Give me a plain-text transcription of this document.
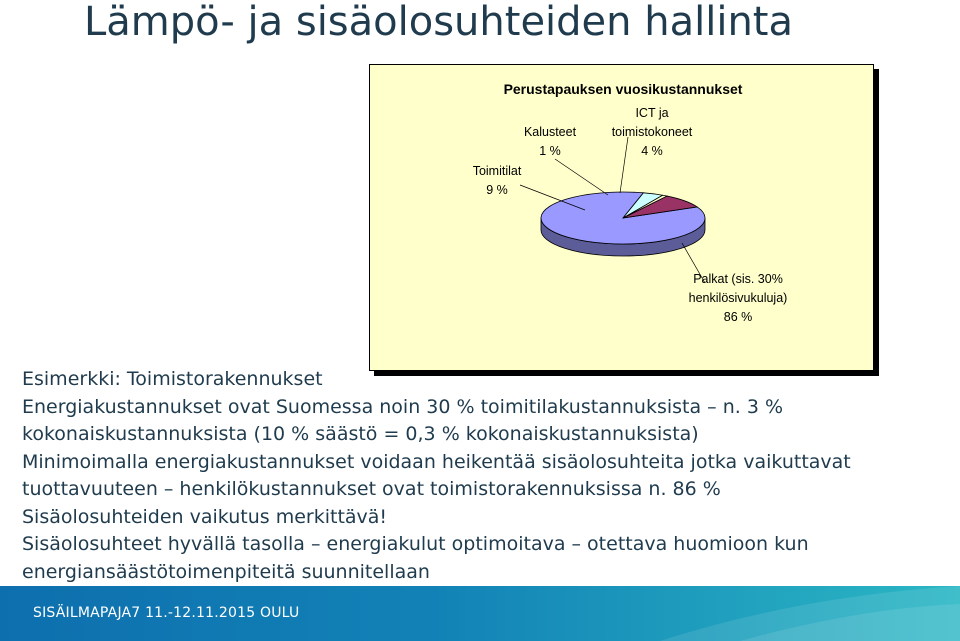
Lämpö- ja sisäolosuhteiden hallinta
Perustapauksen vuosikustannukset
Palkat (sis. 30%
henkilösivukuluja)
86 %
Toimitilat
9 %
Kalusteet
1 %
ICT ja
toimistokoneet
4 %

Esimerkki: Toimistorakennukset

Energiakustannukset ovat Suomessa noin 30 % toimitilakustannuksista – n. 3 %

kokonaiskustannuksista (10 % säästö = 0,3 % kokonaiskustannuksista)

Minimoimalla energiakustannukset voidaan heikentää sisäolosuhteita jotka vaikuttavat

tuottavuuteen – henkilökustannukset ovat toimistorakennuksissa n. 86 %

Sisäolosuhteiden vaikutus merkittävä!

Sisäolosuhteet hyvällä tasolla – energiakulut optimoitava – otettava huomioon kun

energiansäästötoimenpiteitä suunnitellaan

SISÄILMAPAJA7 11.-12.11.2015 OULU
